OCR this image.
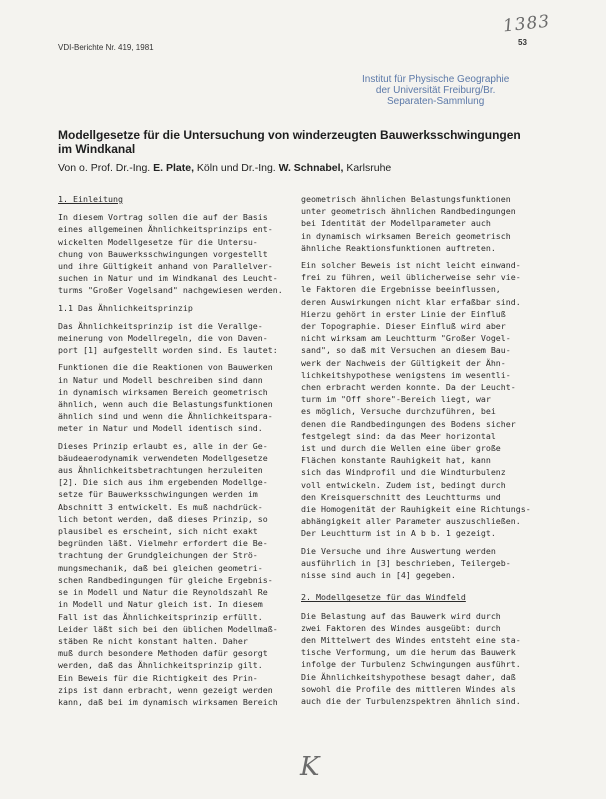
1383
53
VDI-Berichte Nr. 419, 1981
Institut für Physische Geographie
der Universität Freiburg/Br.
Separaten-Sammlung
Modellgesetze für die Untersuchung von winderzeugten Bauwerksschwingungen im Windkanal
Von o. Prof. Dr.-Ing. E. Plate, Köln und Dr.-Ing. W. Schnabel, Karlsruhe
1. Einleitung
In diesem Vortrag sollen die auf der Basis
eines allgemeinen Ähnlichkeitsprinzips ent-
wickelten Modellgesetze für die Untersu-
chung von Bauwerksschwingungen vorgestellt
und ihre Gültigkeit anhand von Parallelver-
suchen in Natur und im Windkanal des Leucht-
turms "Großer Vogelsand" nachgewiesen werden.
1.1 Das Ähnlichkeitsprinzip
Das Ähnlichkeitsprinzip ist die Verallge-
meinerung von Modellregeln, die von Daven-
port [1] aufgestellt worden sind. Es lautet:
Funktionen die die Reaktionen von Bauwerken
in Natur und Modell beschreiben sind dann
in dynamisch wirksamen Bereich geometrisch
ähnlich, wenn auch die Belastungsfunktionen
ähnlich sind und wenn die Ähnlichkeitspara-
meter in Natur und Modell identisch sind.
Dieses Prinzip erlaubt es, alle in der Ge-
bäudeaerodynamik verwendeten Modellgesetze
aus Ähnlichkeitsbetrachtungen herzuleiten
[2]. Die sich aus ihm ergebenden Modellge-
setze für Bauwerksschwingungen werden im
Abschnitt 3 entwickelt. Es muß nachdrück-
lich betont werden, daß dieses Prinzip, so
plausibel es erscheint, sich nicht exakt
begründen läßt. Vielmehr erfordert die Be-
trachtung der Grundgleichungen der Strö-
mungsmechanik, daß bei gleichen geometri-
schen Randbedingungen für gleiche Ergebnis-
se in Modell und Natur die Reynoldszahl Re
in Modell und Natur gleich ist. In diesem
Fall ist das Ähnlichkeitsprinzip erfüllt.
Leider läßt sich bei den üblichen Modellmaß-
stäben Re nicht konstant halten. Daher
muß durch besondere Methoden dafür gesorgt
werden, daß das Ähnlichkeitsprinzip gilt.
Ein Beweis für die Richtigkeit des Prin-
zips ist dann erbracht, wenn gezeigt werden
kann, daß bei im dynamisch wirksamen Bereich
geometrisch ähnlichen Belastungsfunktionen
unter geometrisch ähnlichen Randbedingungen
bei Identität der Modellparameter auch
in dynamisch wirksamen Bereich geometrisch
ähnliche Reaktionsfunktionen auftreten.
Ein solcher Beweis ist nicht leicht einwand-
frei zu führen, weil üblicherweise sehr vie-
le Faktoren die Ergebnisse beeinflussen,
deren Auswirkungen nicht klar erfaßbar sind.
Hierzu gehört in erster Linie der Einfluß
der Topographie. Dieser Einfluß wird aber
nicht wirksam am Leuchtturm "Großer Vogel-
sand", so daß mit Versuchen an diesem Bau-
werk der Nachweis der Gültigkeit der Ähn-
lichkeitshypothese wenigstens im wesentli-
chen erbracht werden konnte. Da der Leucht-
turm im "Off shore"-Bereich liegt, war
es möglich, Versuche durchzuführen, bei
denen die Randbedingungen des Bodens sicher
festgelegt sind: da das Meer horizontal
ist und durch die Wellen eine über große
Flächen konstante Rauhigkeit hat, kann
sich das Windprofil und die Windturbulenz
voll entwickeln. Zudem ist, bedingt durch
den Kreisquerschnitt des Leuchtturms und
die Homogenität der Rauhigkeit eine Richtungs-
abhängigkeit aller Parameter auszuschließen.
Der Leuchtturm ist in A b b. 1 gezeigt.
Die Versuche und ihre Auswertung werden
ausführlich in [3] beschrieben, Teilergeb-
nisse sind auch in [4] gegeben.
2. Modellgesetze für das Windfeld
Die Belastung auf das Bauwerk wird durch
zwei Faktoren des Windes ausgeübt: durch
den Mittelwert des Windes entsteht eine sta-
tische Verformung, um die herum das Bauwerk
infolge der Turbulenz Schwingungen ausführt.
Die Ähnlichkeitshypothese besagt daher, daß
sowohl die Profile des mittleren Windes als
auch die der Turbulenzspektren ähnlich sind.
K
